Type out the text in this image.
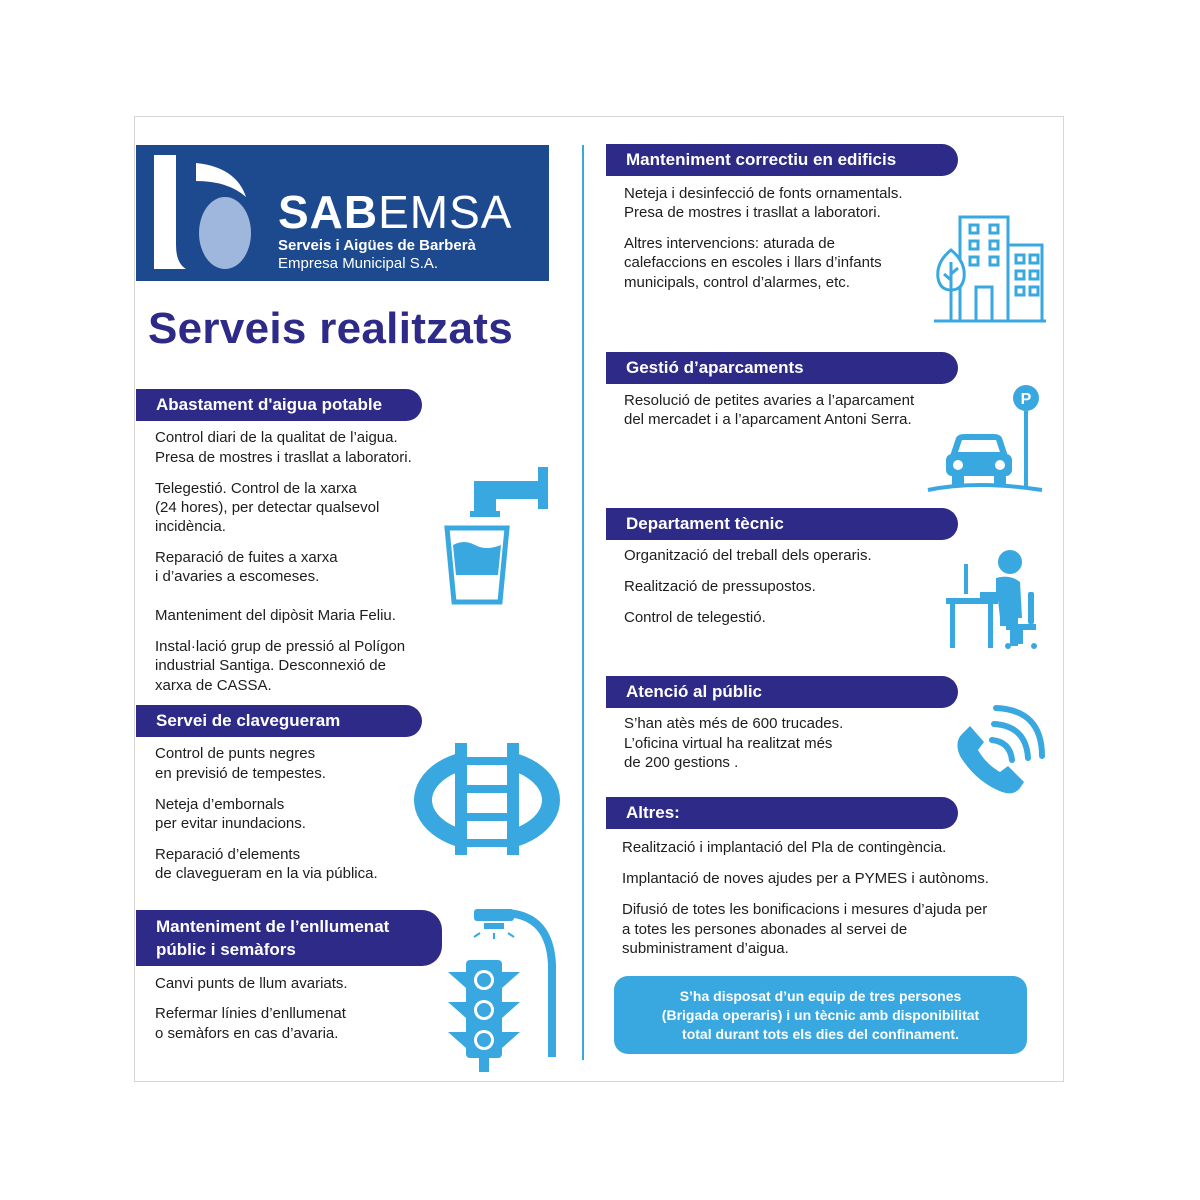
SABEMSA
Serveis i Aigües de Barberà
Empresa Municipal S.A.
Serveis realitzats
Abastament d'aigua potable
Control diari de la qualitat de l’aigua.
Presa de mostres i trasllat a laboratori.
Telegestió. Control de la xarxa
(24 hores), per detectar qualsevol
incidència.
Reparació de fuites a xarxa
i d’avaries a escomeses.
Manteniment del dipòsit Maria Feliu.
Instal·lació grup de pressió al Polígon
industrial Santiga. Desconnexió de
xarxa de CASSA.
Servei de clavegueram
Control de punts negres
en previsió de tempestes.
Neteja d’embornals
per evitar inundacions.
Reparació d’elements
de clavegueram en la via pública.
Manteniment de l’enllumenat
públic i semàfors
Canvi punts de llum avariats.
Refermar línies d’enllumenat
o semàfors en cas d’avaria.
Manteniment correctiu en edificis
Neteja i desinfecció de fonts ornamentals.
Presa de mostres i trasllat a laboratori.
Altres intervencions: aturada de
calefaccions en escoles i llars d’infants
municipals, control d’alarmes, etc.
Gestió d’aparcaments
Resolució de petites avaries a l’aparcament
del mercadet i a l’aparcament Antoni Serra.
P
Departament tècnic
Organització del treball dels operaris.
Realització de pressupostos.
Control de telegestió.
Atenció al públic
S’han atès més de 600 trucades.
L’oficina virtual ha realitzat més
de 200 gestions .
Altres:
Realització i implantació del Pla de contingència.
Implantació de noves ajudes per a PYMES i autònoms.
Difusió de totes les bonificacions i mesures d’ajuda per
a totes les persones abonades al servei de
subministrament d’aigua.
S’ha disposat d’un equip de tres persones
(Brigada operaris) i un tècnic amb disponibilitat
total durant tots els dies del confinament.
